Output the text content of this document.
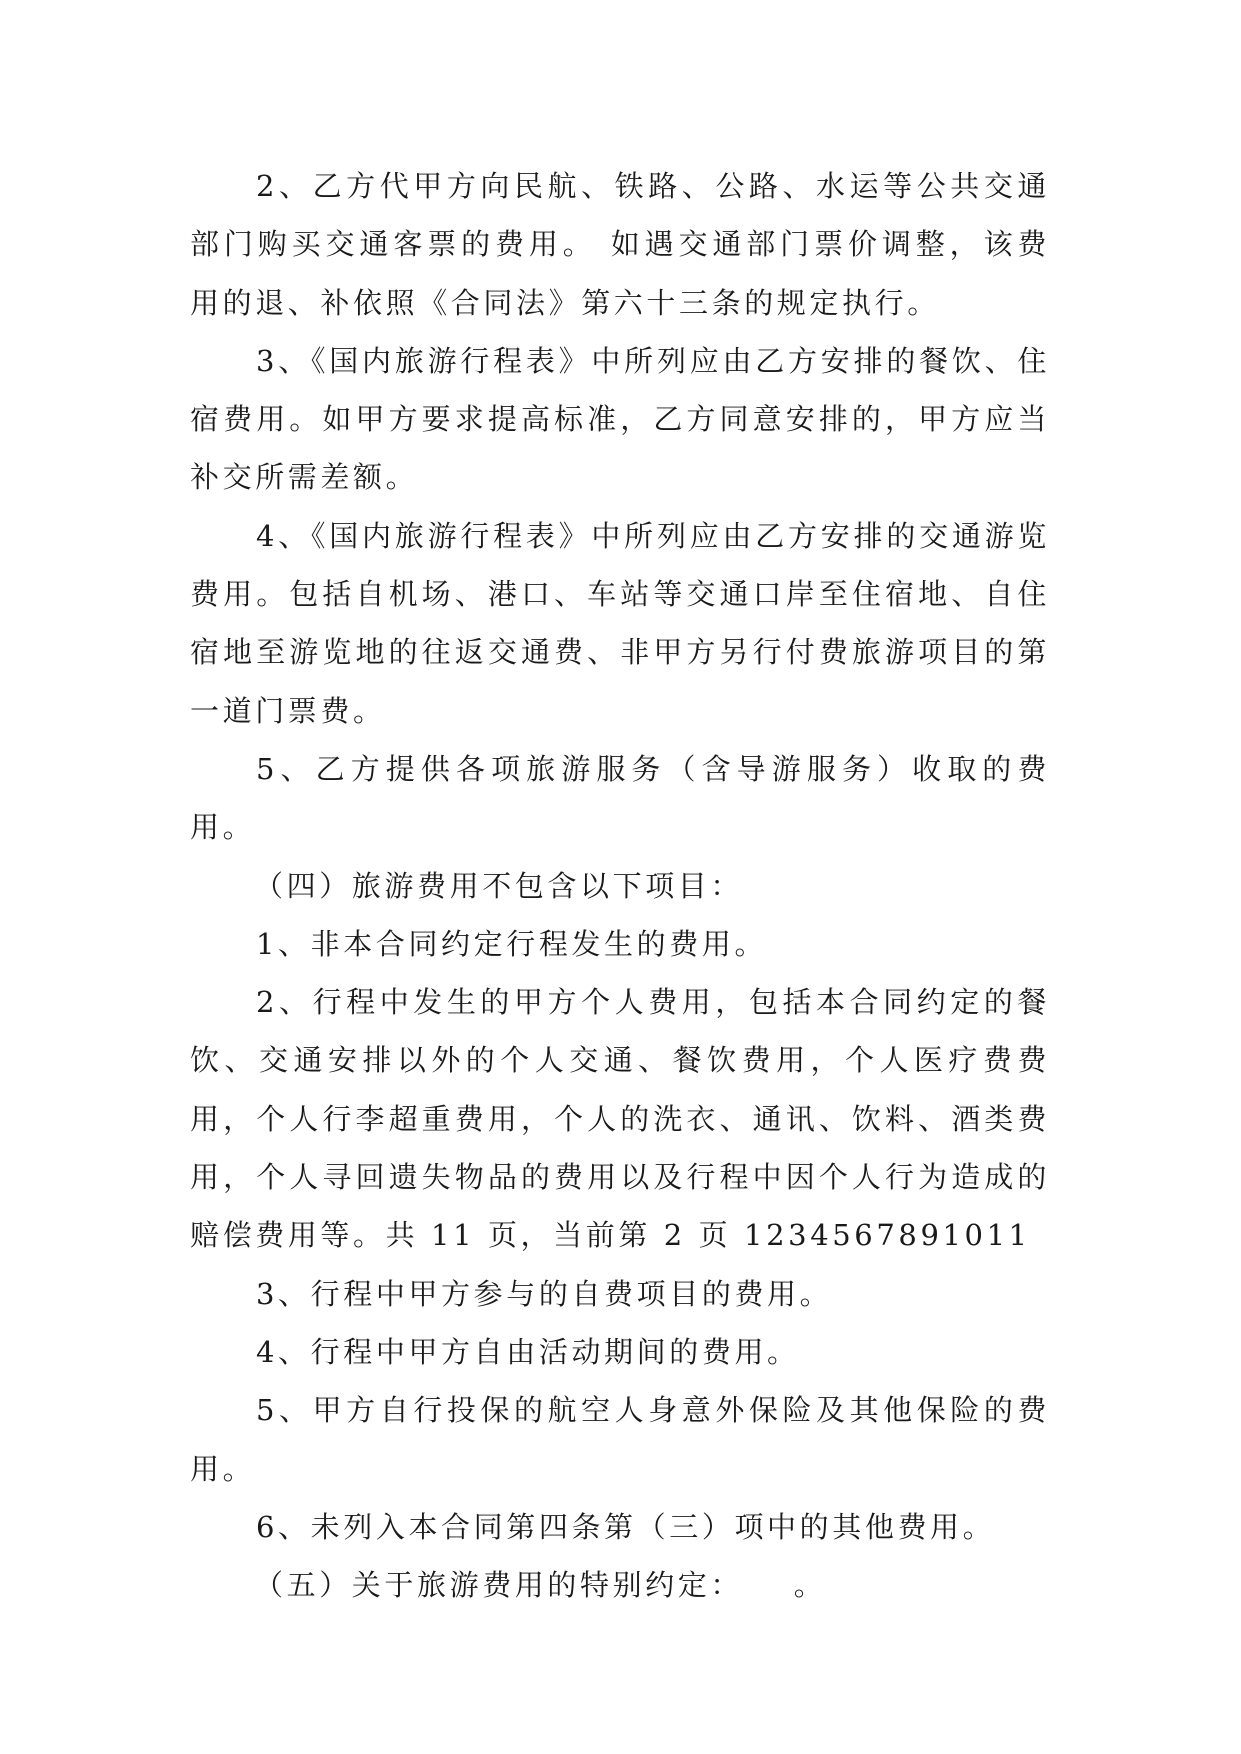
2、乙方代甲方向民航、铁路、公路、水运等公共交通部门购买交通客票的费用。 如遇交通部门票价调整，该费用的退、补依照《合同法》第六十三条的规定执行。

3、《国内旅游行程表》中所列应由乙方安排的餐饮、住宿费用。如甲方要求提高标准，乙方同意安排的，甲方应当补交所需差额。

4、《国内旅游行程表》中所列应由乙方安排的交通游览费用。包括自机场、港口、车站等交通口岸至住宿地、自住宿地至游览地的往返交通费、非甲方另行付费旅游项目的第一道门票费。

5、乙方提供各项旅游服务（含导游服务）收取的费用。

（四）旅游费用不包含以下项目：

1、非本合同约定行程发生的费用。

2、行程中发生的甲方个人费用，包括本合同约定的餐饮、交通安排以外的个人交通、餐饮费用，个人医疗费费用，个人行李超重费用，个人的洗衣、通讯、饮料、酒类费用，个人寻回遗失物品的费用以及行程中因个人行为造成的赔偿费用等。共 11 页，当前第 2 页 1234567891011

3、行程中甲方参与的自费项目的费用。

4、行程中甲方自由活动期间的费用。

5、甲方自行投保的航空人身意外保险及其他保险的费用。

6、未列入本合同第四条第（三）项中的其他费用。

（五）关于旅游费用的特别约定：　　。
